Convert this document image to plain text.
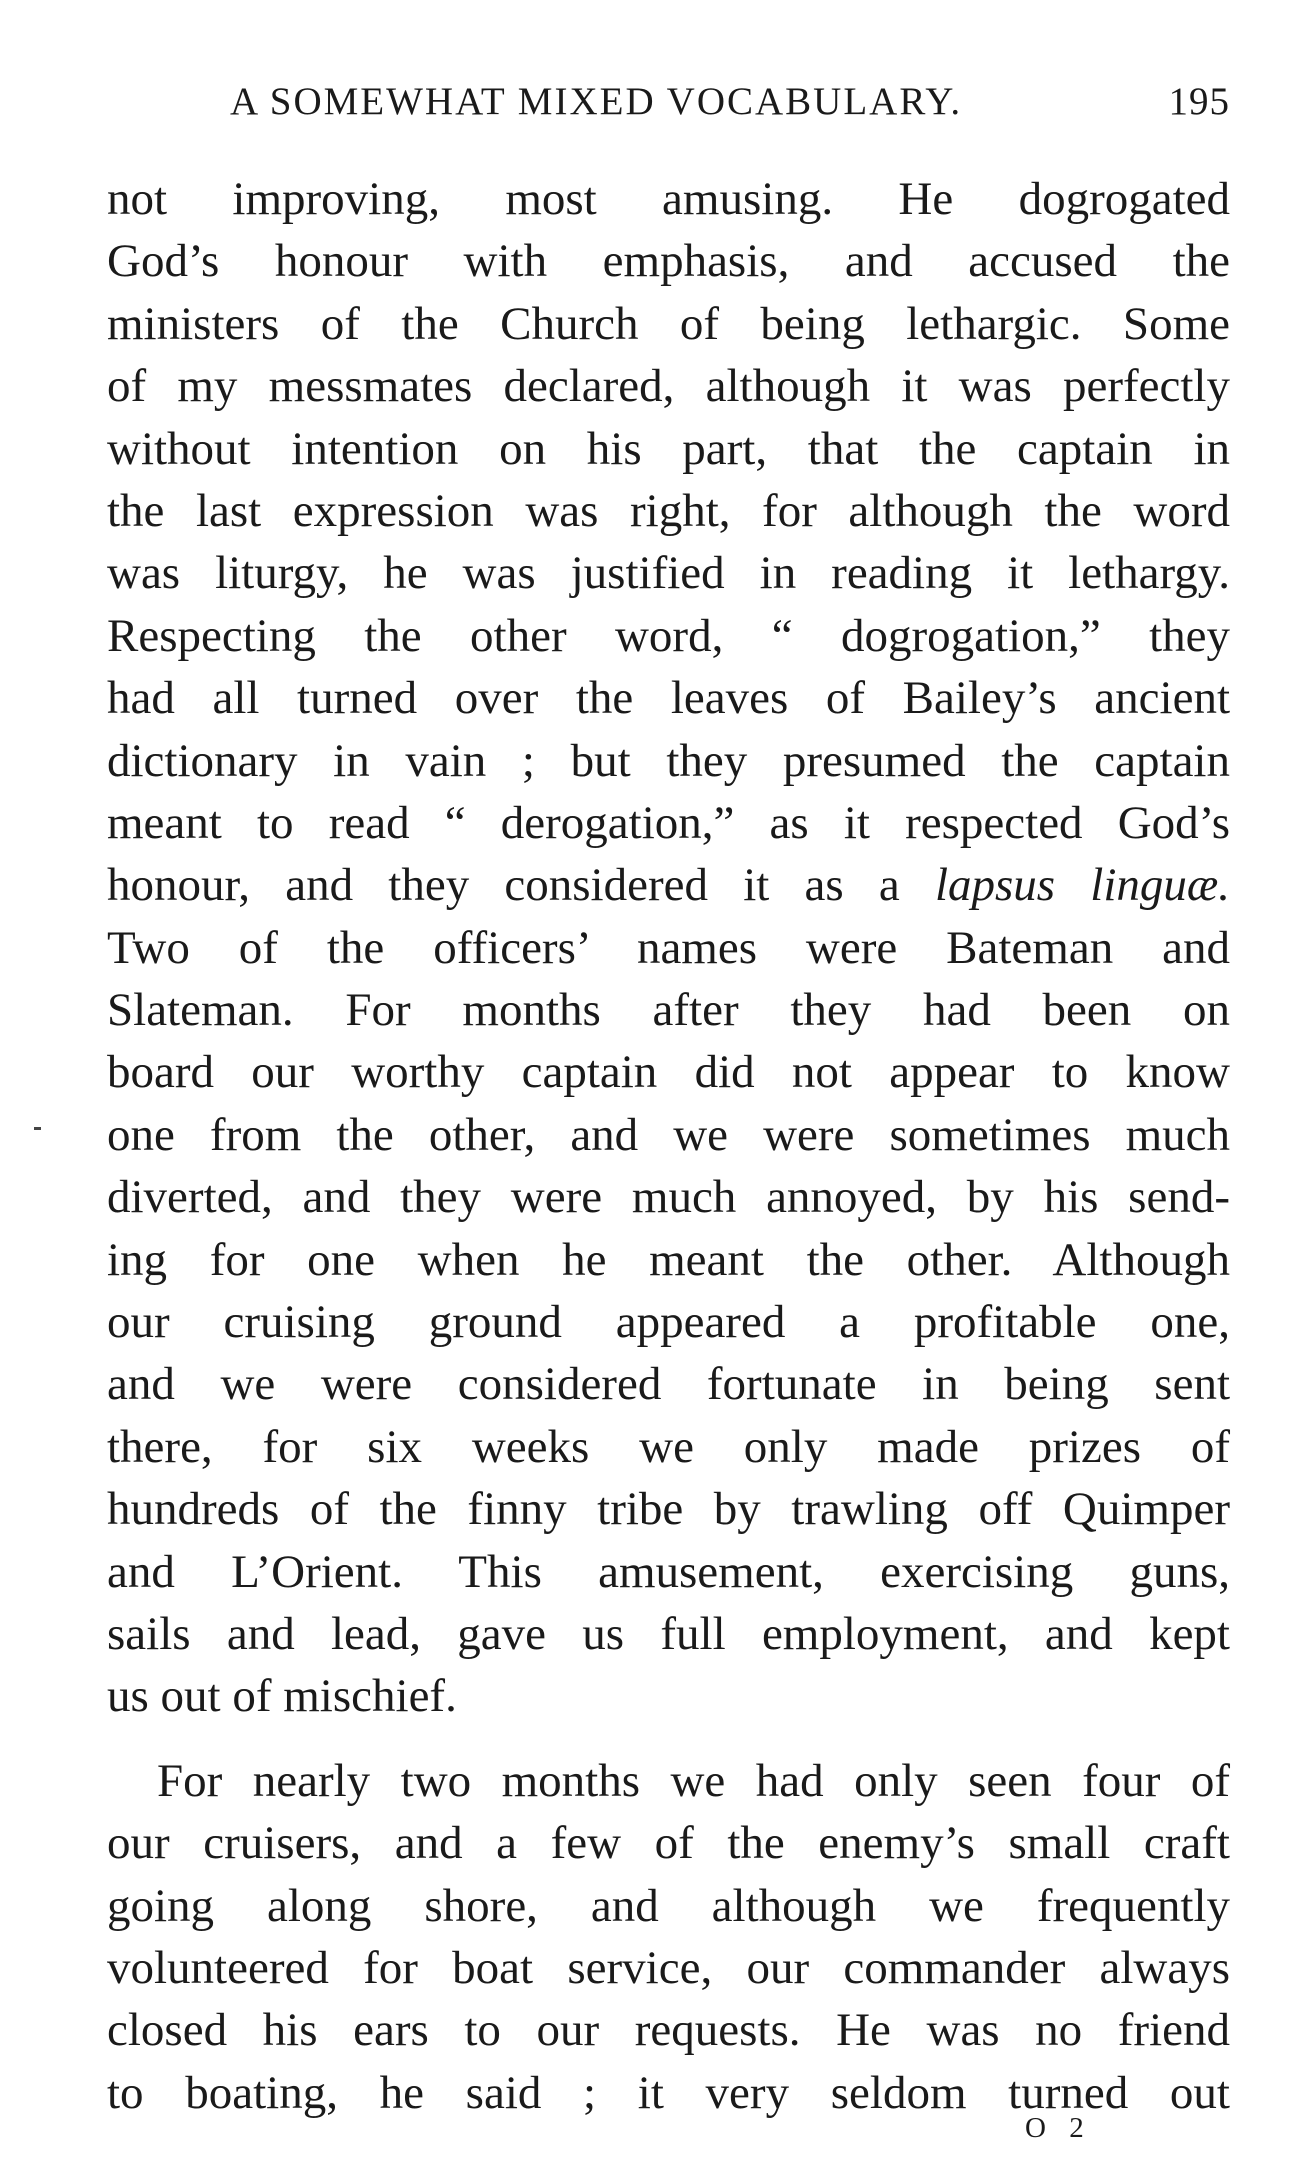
A SOMEWHAT MIXED VOCABULARY.	195
not improving, most amusing. He dogrogated
God’s honour with emphasis, and accused the
ministers of the Church of being lethargic. Some
of my messmates declared, although it was perfectly
without intention on his part, that the captain in
the last expression was right, for although the word
was liturgy, he was justified in reading it lethargy.
Respecting the other word, “ dogrogation,” they
had all turned over the leaves of Bailey’s ancient
dictionary in vain ; but they presumed the captain
meant to read “ derogation,” as it respected God’s
honour, and they considered it as a lapsus linguæ.
Two of the officers’ names were Bateman and
Slateman. For months after they had been on
board our worthy captain did not appear to know
one from the other, and we were sometimes much
diverted, and they were much annoyed, by his send-
ing for one when he meant the other. Although
our cruising ground appeared a profitable one,
and we were considered fortunate in being sent
there, for six weeks we only made prizes of
hundreds of the finny tribe by trawling off Quimper
and L’Orient. This amusement, exercising guns,
sails and lead, gave us full employment, and kept
us out of mischief.
For nearly two months we had only seen four of
our cruisers, and a few of the enemy’s small craft
going along shore, and although we frequently
volunteered for boat service, our commander always
closed his ears to our requests. He was no friend
to boating, he said ; it very seldom turned out
O 2
